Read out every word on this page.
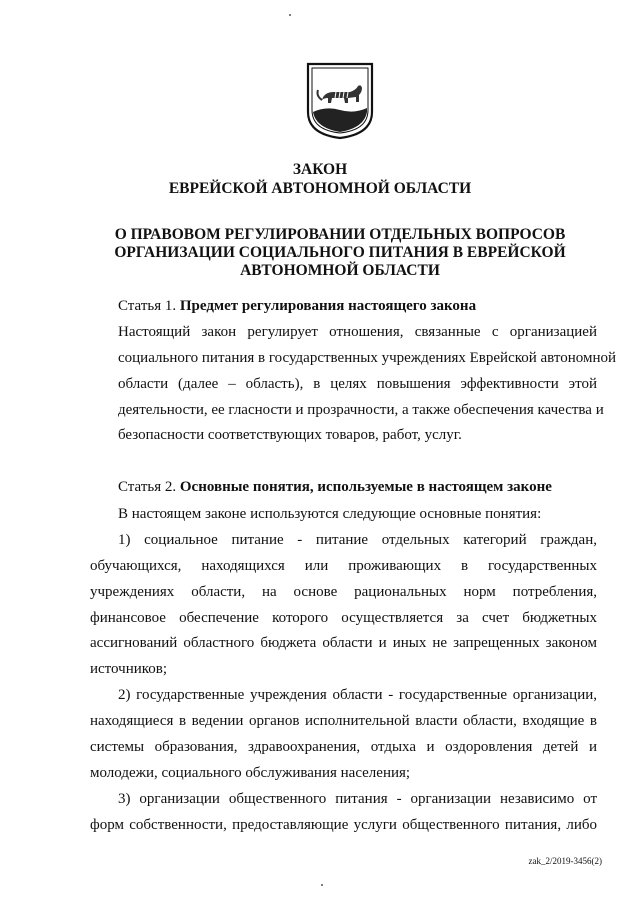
ЗАКОН
ЕВРЕЙСКОЙ АВТОНОМНОЙ ОБЛАСТИ
О ПРАВОВОМ РЕГУЛИРОВАНИИ ОТДЕЛЬНЫХ ВОПРОСОВ
ОРГАНИЗАЦИИ СОЦИАЛЬНОГО ПИТАНИЯ В ЕВРЕЙСКОЙ
АВТОНОМНОЙ ОБЛАСТИ
Статья 1. Предмет регулирования настоящего закона
Настоящий закон регулирует отношения, связанные с организацией
социального питания в государственных учреждениях Еврейской автономной
области (далее – область), в целях повышения эффективности этой
деятельности, ее гласности и прозрачности, а также обеспечения качества и
безопасности соответствующих товаров, работ, услуг.
Статья 2. Основные понятия, используемые в настоящем законе
В настоящем законе используются следующие основные понятия:
1) социальное питание - питание отдельных категорий граждан,
обучающихся, находящихся или проживающих в государственных
учреждениях области, на основе рациональных норм потребления,
финансовое обеспечение которого осуществляется за счет бюджетных
ассигнований областного бюджета области и иных не запрещенных законом
источников;
2) государственные учреждения области - государственные организации,
находящиеся в ведении органов исполнительной власти области, входящие в
системы образования, здравоохранения, отдыха и оздоровления детей и
молодежи, социального обслуживания населения;
3) организации общественного питания - организации независимо от
форм собственности, предоставляющие услуги общественного питания, либо
zak_2/2019-3456(2)
